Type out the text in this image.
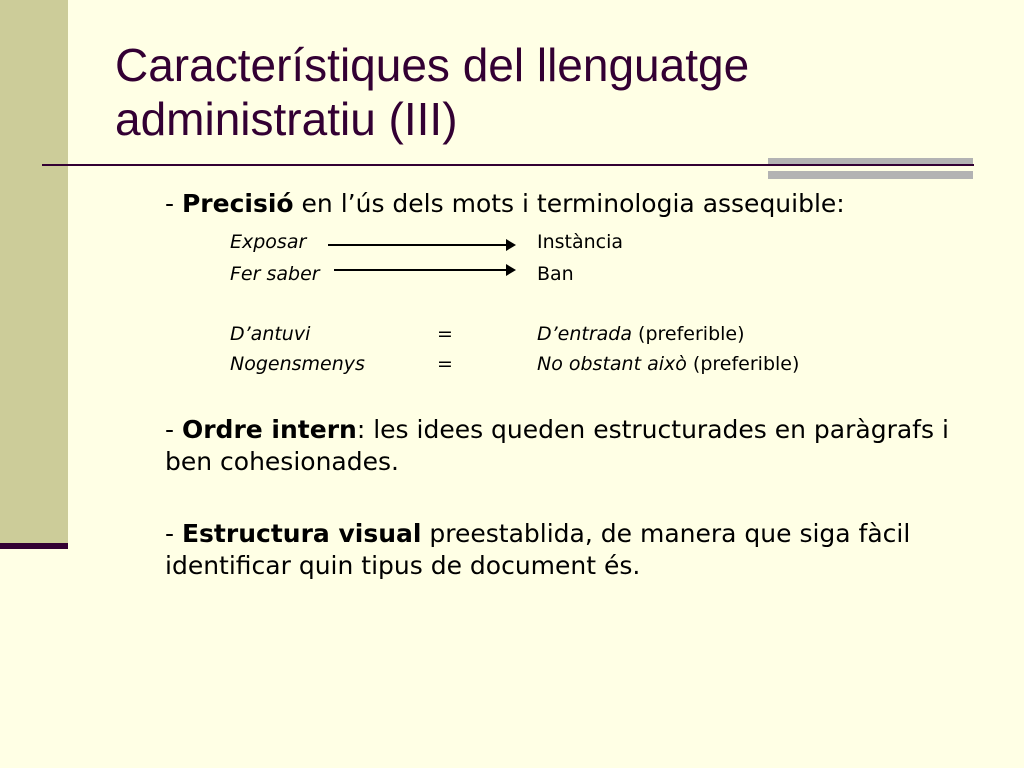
Característiques del llenguatge
administratiu (III)
- Precisió en l’ús dels mots i terminologia assequible:
Exposar	Instància
Fer saber	Ban
D’antuvi	=	D’entrada (preferible)
Nogensmenys	=	No obstant això (preferible)
- Ordre intern: les idees queden estructurades en paràgrafs i
ben cohesionades.
- Estructura visual preestablida, de manera que siga fàcil
identificar quin tipus de document és.
